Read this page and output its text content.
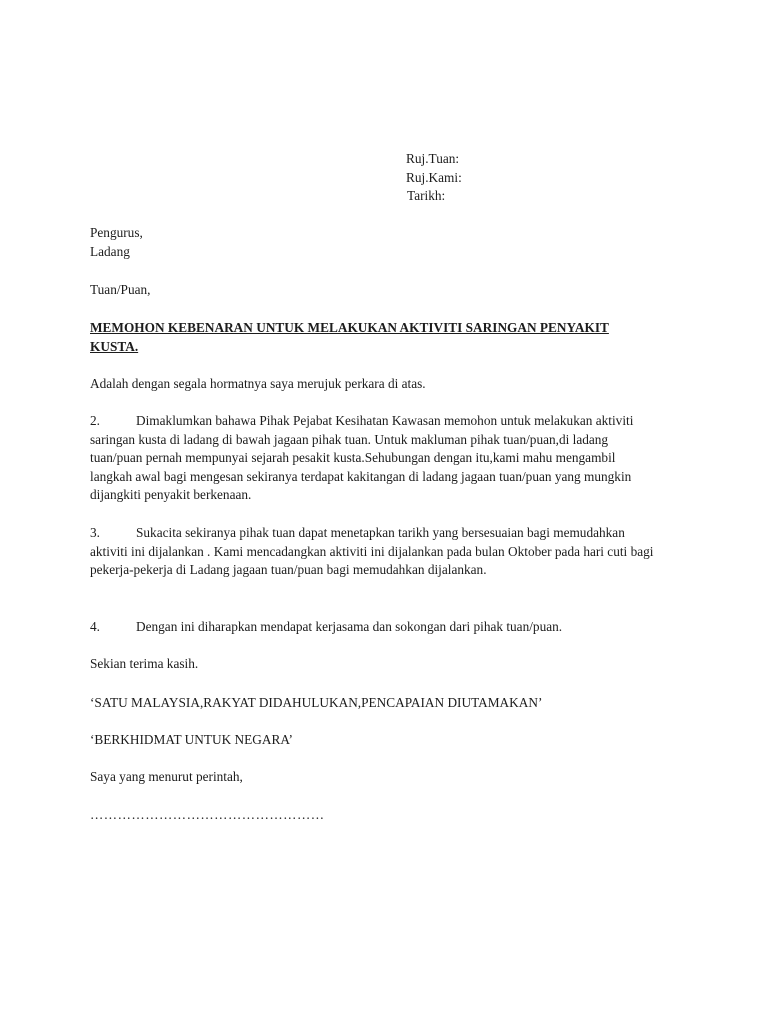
Ruj.Tuan:
Ruj.Kami:
Tarikh:
Pengurus,
Ladang
Tuan/Puan,
MEMOHON KEBENARAN UNTUK MELAKUKAN AKTIVITI SARINGAN PENYAKIT KUSTA.
Adalah dengan segala hormatnya saya merujuk perkara di atas.
2.	Dimaklumkan bahawa Pihak Pejabat Kesihatan Kawasan memohon untuk melakukan aktiviti
saringan kusta di ladang di bawah jagaan pihak tuan. Untuk makluman pihak tuan/puan,di ladang
tuan/puan pernah mempunyai sejarah pesakit kusta.Sehubungan dengan itu,kami mahu mengambil
langkah awal bagi mengesan sekiranya terdapat kakitangan di ladang jagaan tuan/puan yang mungkin
dijangkiti penyakit berkenaan.
3.	Sukacita sekiranya pihak tuan dapat menetapkan tarikh yang bersesuaian bagi memudahkan
aktiviti ini dijalankan . Kami mencadangkan aktiviti ini dijalankan pada bulan Oktober pada hari cuti bagi
pekerja-pekerja di Ladang jagaan tuan/puan bagi memudahkan dijalankan.
4.	Dengan ini diharapkan mendapat kerjasama dan sokongan dari pihak tuan/puan.
Sekian terima kasih.
‘SATU MALAYSIA,RAKYAT DIDAHULUKAN,PENCAPAIAN DIUTAMAKAN’
‘BERKHIDMAT UNTUK NEGARA’
Saya yang menurut perintah,
……………………………………………
